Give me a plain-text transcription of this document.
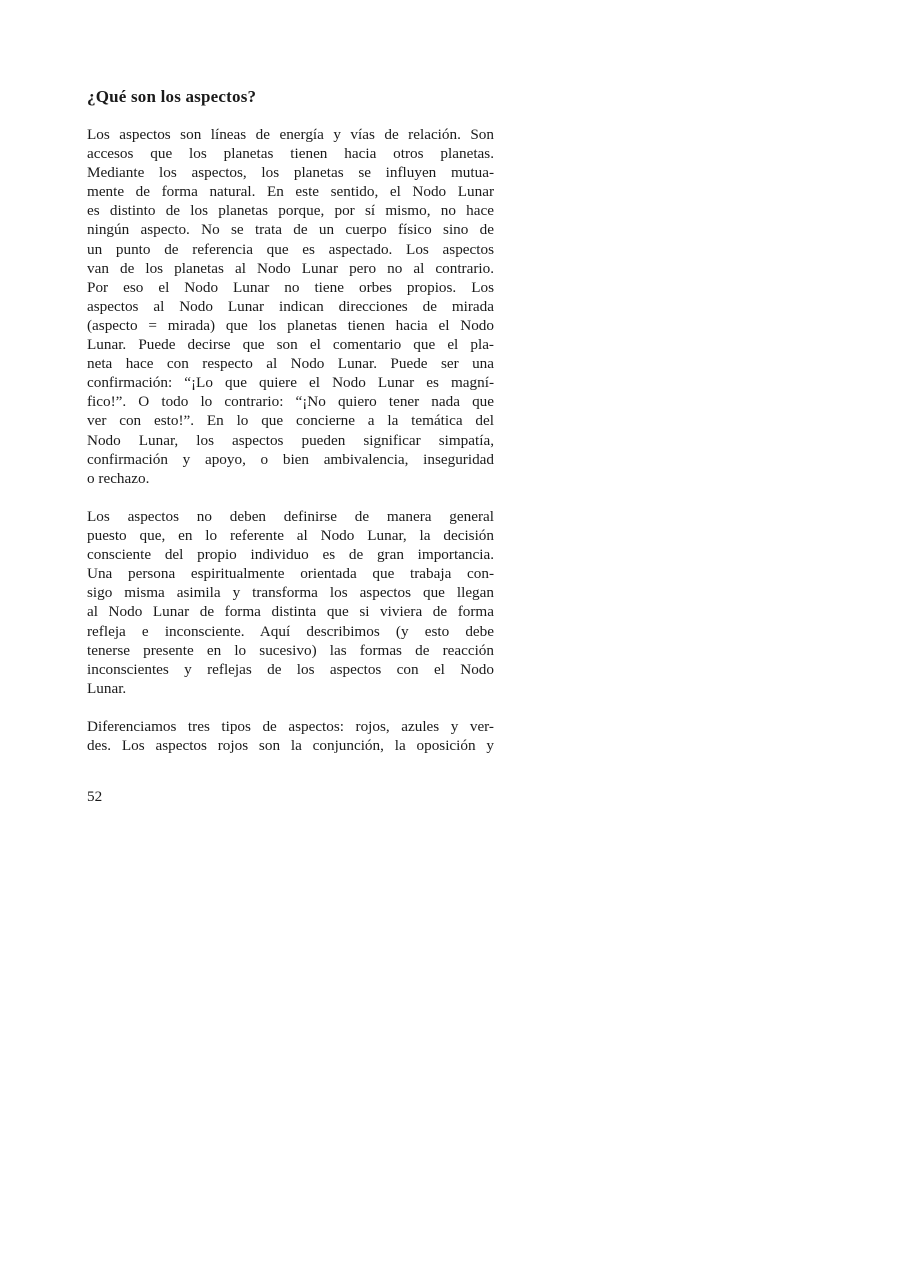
¿Qué son los aspectos?
Los aspectos son líneas de energía y vías de relación. Son
accesos que los planetas tienen hacia otros planetas.
Mediante los aspectos, los planetas se influyen mutua-
mente de forma natural. En este sentido, el Nodo Lunar
es distinto de los planetas porque, por sí mismo, no hace
ningún aspecto. No se trata de un cuerpo físico sino de
un punto de referencia que es aspectado. Los aspectos
van de los planetas al Nodo Lunar pero no al contrario.
Por eso el Nodo Lunar no tiene orbes propios. Los
aspectos al Nodo Lunar indican direcciones de mirada
(aspecto = mirada) que los planetas tienen hacia el Nodo
Lunar. Puede decirse que son el comentario que el pla-
neta hace con respecto al Nodo Lunar. Puede ser una
confirmación: “¡Lo que quiere el Nodo Lunar es magní-
fico!”. O todo lo contrario: “¡No quiero tener nada que
ver con esto!”. En lo que concierne a la temática del
Nodo Lunar, los aspectos pueden significar simpatía,
confirmación y apoyo, o bien ambivalencia, inseguridad
o rechazo.
Los aspectos no deben definirse de manera general
puesto que, en lo referente al Nodo Lunar, la decisión
consciente del propio individuo es de gran importancia.
Una persona espiritualmente orientada que trabaja con-
sigo misma asimila y transforma los aspectos que llegan
al Nodo Lunar de forma distinta que si viviera de forma
refleja e inconsciente. Aquí describimos (y esto debe
tenerse presente en lo sucesivo) las formas de reacción
inconscientes y reflejas de los aspectos con el Nodo
Lunar.
Diferenciamos tres tipos de aspectos: rojos, azules y ver-
des. Los aspectos rojos son la conjunción, la oposición y
52
